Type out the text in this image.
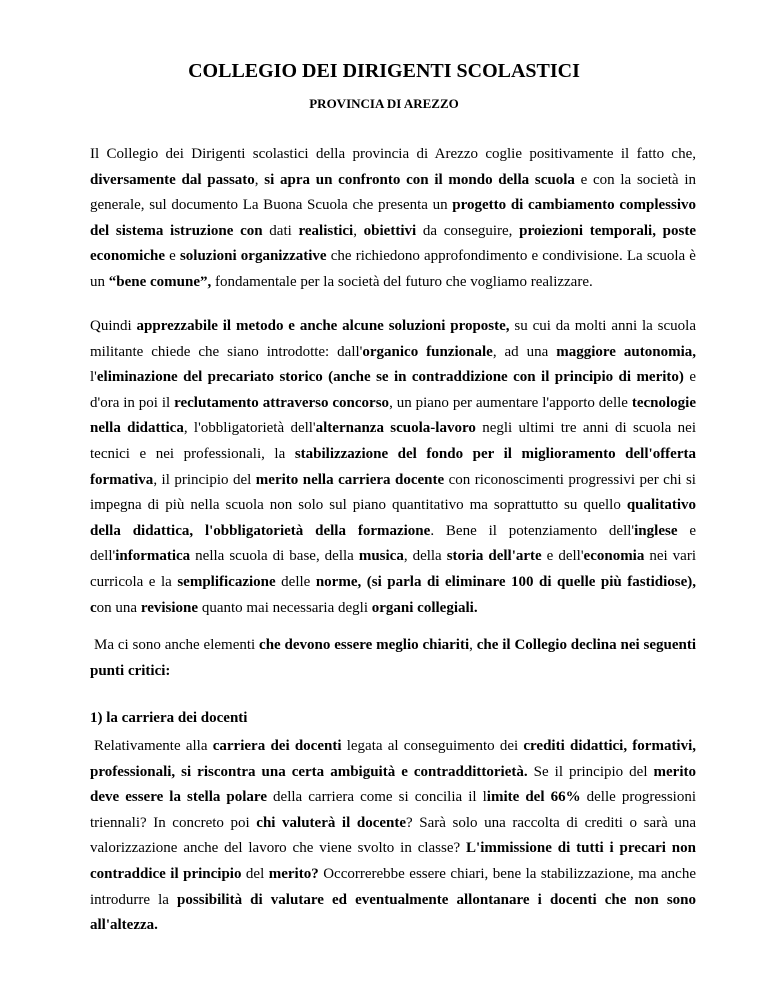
COLLEGIO DEI DIRIGENTI SCOLASTICI
PROVINCIA DI AREZZO

Il Collegio dei Dirigenti scolastici della provincia di Arezzo coglie positivamente il fatto che, diversamente dal passato, si apra un confronto con il mondo della scuola e con la società in generale, sul documento La Buona Scuola che presenta un progetto di cambiamento complessivo del sistema istruzione con dati realistici, obiettivi da conseguire, proiezioni temporali, poste economiche e soluzioni organizzative che richiedono approfondimento e condivisione. La scuola è un “bene comune”, fondamentale per la società del futuro che vogliamo realizzare.

Quindi apprezzabile il metodo e anche alcune soluzioni proposte, su cui da molti anni la scuola militante chiede che siano introdotte: dall'organico funzionale, ad una maggiore autonomia, l'eliminazione del precariato storico (anche se in contraddizione con il principio di merito) e d'ora in poi il reclutamento attraverso concorso, un piano per aumentare l'apporto delle tecnologie nella didattica, l'obbligatorietà dell'alternanza scuola-lavoro negli ultimi tre anni di scuola nei tecnici e nei professionali, la stabilizzazione del fondo per il miglioramento dell'offerta formativa, il principio del merito nella carriera docente con riconoscimenti progressivi per chi si impegna di più nella scuola non solo sul piano quantitativo ma soprattutto su quello qualitativo della didattica, l'obbligatorietà della formazione. Bene il potenziamento dell'inglese e dell'informatica nella scuola di base, della musica, della storia dell'arte e dell'economia nei vari curricola e la semplificazione delle norme, (si parla di eliminare 100 di quelle più fastidiose), con una revisione quanto mai necessaria degli organi collegiali.

Ma ci sono anche elementi che devono essere meglio chiariti, che il Collegio declina nei seguenti punti critici:

1) la carriera dei docenti

Relativamente alla carriera dei docenti legata al conseguimento dei crediti didattici, formativi, professionali, si riscontra una certa ambiguità e contraddittorietà. Se il principio del merito deve essere la stella polare della carriera come si concilia il limite del 66% delle progressioni triennali? In concreto poi chi valuterà il docente? Sarà solo una raccolta di crediti o sarà una valorizzazione anche del lavoro che viene svolto in classe? L'immissione di tutti i precari non contraddice il principio del merito? Occorrerebbe essere chiari, bene la stabilizzazione, ma anche introdurre la possibilità di valutare ed eventualmente allontanare i docenti che non sono all'altezza.
